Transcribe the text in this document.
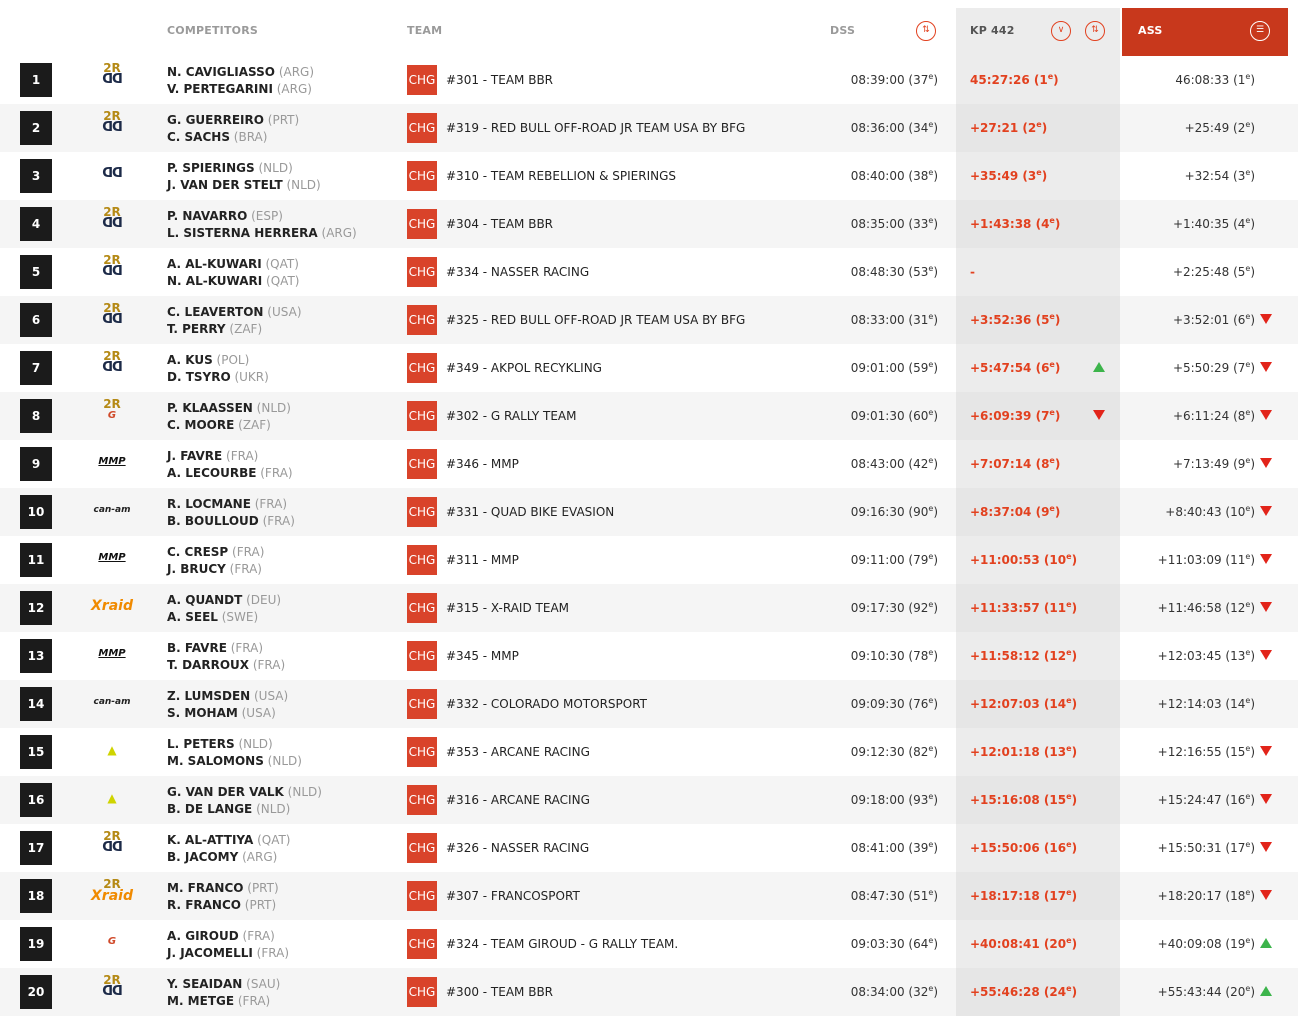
COMPETITORS	TEAM	DSS	⇅	KP 442	∨	⇅	ASS	☰
1
2R
ᗡᗡ	N. CAVIGLIASSO (ARG)
V. PERTEGARINI (ARG)
CHG #301 - TEAM BBR	08:39:00 (37e)	45:27:26 (1e)	46:08:33 (1e)
2
2R
ᗡᗡ	G. GUERREIRO (PRT)
C. SACHS (BRA)
CHG #319 - RED BULL OFF-ROAD JR TEAM USA BY BFG	08:36:00 $(34^e)$	+27:21 $(2^e)$	+25:49 (2e)
3	ᗡᗡ	P. SPIERINGS (NLD)
J. VAN DER STELT (NLD)
CHG #310 - TEAM REBELLION & SPIERINGS	08:40:00 $(38^e)$	+35:49 $(3^e)$	+32:54 (3e)
4
2R
ᗡᗡ	P. NAVARRO (ESP)
L. SISTERNA HERRERA (ARG)
CHG #304 - TEAM BBR	08:35:00 $(33^e)$	+1:43:38 $(4^e)$	+1:40:35 (4e)
5
2R
ᗡᗡ	A. AL-KUWARI (QAT)
N. AL-KUWARI (QAT)
CHG #334 - NASSER RACING	08:48:30 (53e)	-	+2:25:48 (5e)
6
2R
ᗡᗡ	C. LEAVERTON (USA)
T. PERRY (ZAF)
CHG #325 - RED BULL OFF-ROAD JR TEAM USA BY BFG	08:33:00 $(31^e)$	+3:52:36 $(5^e)$	+3:52:01 (6e)
7
2R
ᗡᗡ	A. KUS (POL)
D. TSYRO (UKR)
CHG #349 - AKPOL RECYKLING	09:01:00 $(59^e)$	+5:47:54 $(6^e)$	+5:50:29 (7e)
8
2R
G
P. KLAASSEN (NLD)
C. MOORE (ZAF)
CHG #302 - G RALLY TEAM	09:01:30 $(60^e)$	+6:09:39 $(7^e)$	+6:11:24 (8e)
9	MMP	J. FAVRE (FRA)
A. LECOURBE (FRA)
CHG #346 - MMP	08:43:00 $(42^e)$	+7:07:14 $(8^e)$	+7:13:49 (9e)
10	can-am	R. LOCMANE (FRA)
B. BOULLOUD (FRA)
CHG #331 - QUAD BIKE EVASION	09:16:30 $(90^e)$	+8:37:04 $(9^e)$	+8:40:43 (10e)
11	MMP	C. CRESP (FRA)
J. BRUCY (FRA)
CHG #311 - MMP	09:11:00 $(79^e)$	+11:00:53 $(10^e)$	+11:03:09 (11e)
12	Xraid	A. QUANDT (DEU)
A. SEEL (SWE)
CHG #315 - X-RAID TEAM	09:17:30 $(92^e)$	+11:33:57 $(11^e)$	+11:46:58 (12e)
13	MMP	B. FAVRE (FRA)
T. DARROUX (FRA)
CHG #345 - MMP	09:10:30 $(78^e)$	+11:58:12 $(12^e)$	+12:03:45 (13e)
14	can-am	Z. LUMSDEN (USA)
S. MOHAM (USA)
CHG #332 - COLORADO MOTORSPORT	09:09:30 $(76^e)$	+12:07:03 $(14^e)$	+12:14:03 (14e)
15	▲	L. PETERS (NLD)
M. SALOMONS (NLD)
CHG #353 - ARCANE RACING	09:12:30 $(82^e)$	+12:01:18 $(13^e)$	+12:16:55 (15e)
16	▲	G. VAN DER VALK (NLD)
B. DE LANGE (NLD)
CHG #316 - ARCANE RACING	09:18:00 $(93^e)$	+15:16:08 $(15^e)$	+15:24:47 (16e)
17
2R
ᗡᗡ	K. AL-ATTIYA (QAT)
B. JACOMY (ARG)
CHG #326 - NASSER RACING	08:41:00 $(39^e)$	+15:50:06 $(16^e)$	+15:50:31 (17e)
18
2R
Xraid	M. FRANCO (PRT)
R. FRANCO (PRT)
CHG #307 - FRANCOSPORT	08:47:30 $(51^e)$	+18:17:18 $(17^e)$	+18:20:17 (18e)
19	G	A. GIROUD (FRA)
J. JACOMELLI (FRA)
CHG #324 - TEAM GIROUD - G RALLY TEAM.	09:03:30 $(64^e)$	+40:08:41 $(20^e)$	+40:09:08 (19e)
20
2R
ᗡᗡ	Y. SEAIDAN (SAU)
M. METGE (FRA)
CHG #300 - TEAM BBR	08:34:00 $(32^e)$	+55:46:28 $(24^e)$	+55:43:44 (20e)
